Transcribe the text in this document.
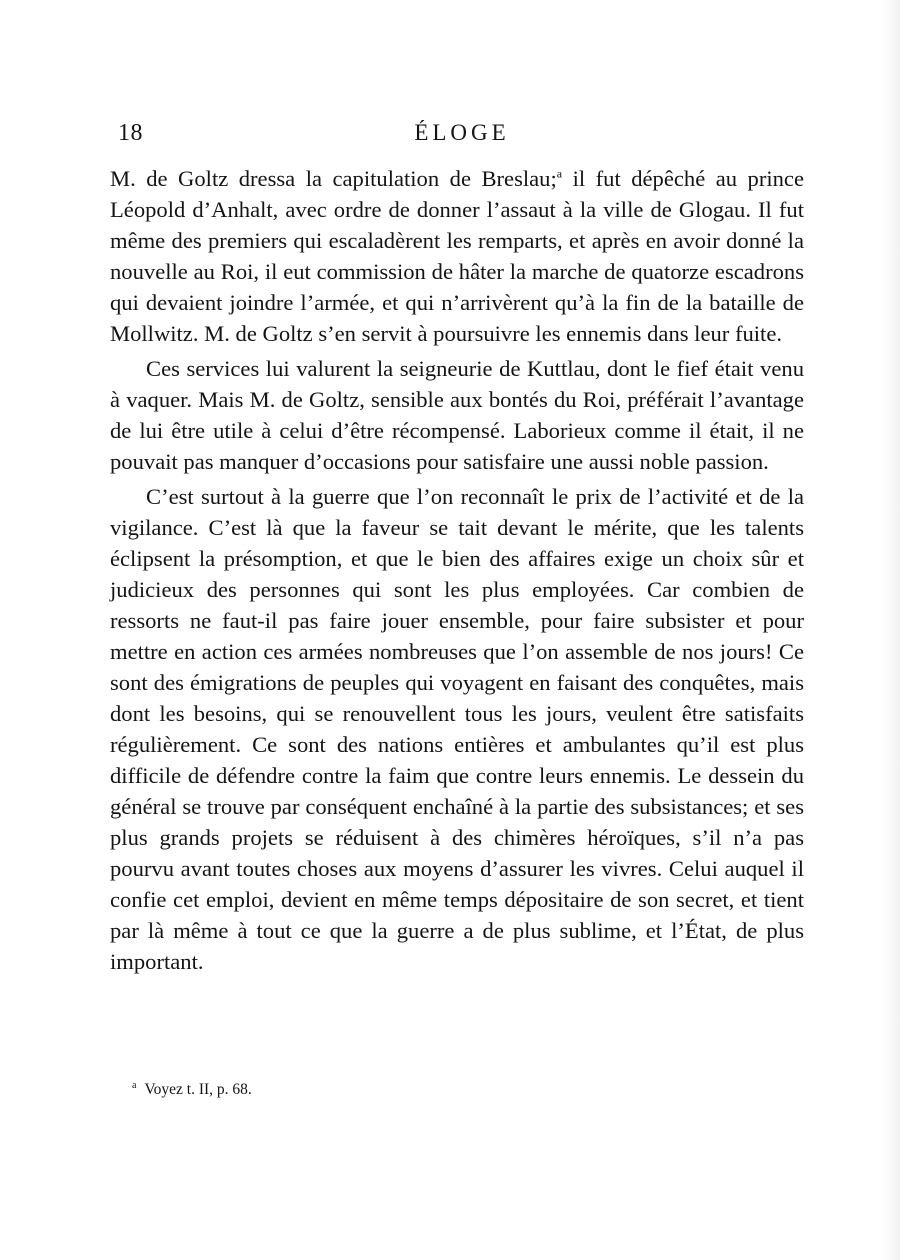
18	ÉLOGE

M. de Goltz dressa la capitulation de Breslau;$^a$ il fut dépêché au prince Léopold d’Anhalt, avec ordre de donner l’assaut à la ville de Glogau. Il fut même des premiers qui escaladèrent les remparts, et après en avoir donné la nouvelle au Roi, il eut commission de hâter la marche de quatorze escadrons qui devaient joindre l’armée, et qui n’arrivèrent qu’à la fin de la bataille de Mollwitz. M. de Goltz s’en servit à poursuivre les ennemis dans leur fuite.

Ces services lui valurent la seigneurie de Kuttlau, dont le fief était venu à vaquer. Mais M. de Goltz, sensible aux bontés du Roi, préférait l’avantage de lui être utile à celui d’être récompensé. Laborieux comme il était, il ne pouvait pas manquer d’occasions pour satisfaire une aussi noble passion.

C’est surtout à la guerre que l’on reconnaît le prix de l’activité et de la vigilance. C’est là que la faveur se tait devant le mérite, que les talents éclipsent la présomption, et que le bien des affaires exige un choix sûr et judicieux des personnes qui sont les plus employées. Car combien de ressorts ne faut-il pas faire jouer ensemble, pour faire subsister et pour mettre en action ces armées nombreuses que l’on assemble de nos jours! Ce sont des émigrations de peuples qui voyagent en faisant des conquêtes, mais dont les besoins, qui se renouvellent tous les jours, veulent être satisfaits régulièrement. Ce sont des nations entières et ambulantes qu’il est plus difficile de défendre contre la faim que contre leurs ennemis. Le dessein du général se trouve par conséquent enchaîné à la partie des subsistances; et ses plus grands projets se réduisent à des chimères héroïques, s’il n’a pas pourvu avant toutes choses aux moyens d’assurer les vivres. Celui auquel il confie cet emploi, devient en même temps dépositaire de son secret, et tient par là même à tout ce que la guerre a de plus sublime, et l’État, de plus important.

$^a$ Voyez t. II, p. 68.
